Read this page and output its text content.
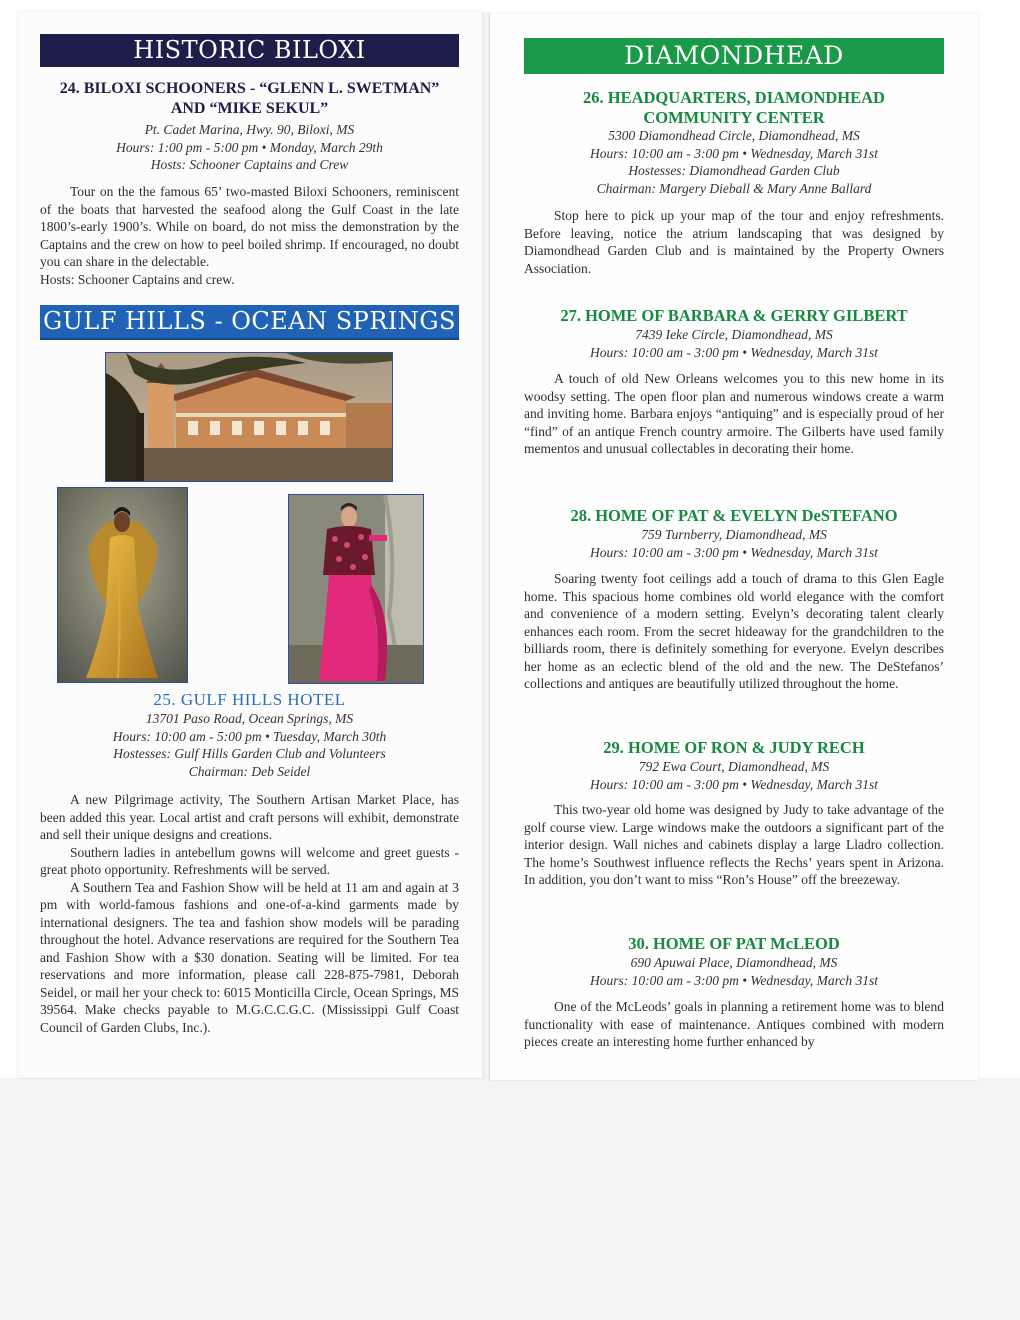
HISTORIC BILOXI
24. BILOXI SCHOONERS - “GLENN L. SWETMAN”
AND “MIKE SEKUL”
Pt. Cadet Marina, Hwy. 90, Biloxi, MS
Hours: 1:00 pm - 5:00 pm • Monday, March 29th
Hosts: Schooner Captains and Crew

Tour on the the famous 65’ two-masted Biloxi Schooners, reminiscent of the boats that harvested the seafood along the Gulf Coast in the late 1800’s-early 1900’s. While on board, do not miss the demonstration by the Captains and the crew on how to peel boiled shrimp. If encouraged, no doubt you can share in the delectable.

Hosts: Schooner Captains and crew.

GULF HILLS - OCEAN SPRINGS
25. GULF HILLS HOTEL
13701 Paso Road, Ocean Springs, MS
Hours: 10:00 am - 5:00 pm • Tuesday, March 30th
Hostesses: Gulf Hills Garden Club and Volunteers
Chairman: Deb Seidel

A new Pilgrimage activity, The Southern Artisan Market Place, has been added this year. Local artist and craft persons will exhibit, demonstrate and sell their unique designs and creations.

Southern ladies in antebellum gowns will welcome and greet guests - great photo opportunity. Refreshments will be served.

A Southern Tea and Fashion Show will be held at 11 am and again at 3 pm with world-famous fashions and one-of-a-kind garments made by international designers. The tea and fashion show models will be parading throughout the hotel. Advance reservations are required for the Southern Tea and Fashion Show with a $30 donation. Seating will be limited. For tea reservations and more information, please call 228-875-7981, Deborah Seidel, or mail her your check to: 6015 Monticilla Circle, Ocean Springs, MS 39564. Make checks payable to M.G.C.C.G.C. (Mississippi Gulf Coast Council of Garden Clubs, Inc.).

DIAMONDHEAD
26. HEADQUARTERS, DIAMONDHEAD
COMMUNITY CENTER
5300 Diamondhead Circle, Diamondhead, MS
Hours: 10:00 am - 3:00 pm • Wednesday, March 31st
Hostesses: Diamondhead Garden Club
Chairman: Margery Dieball & Mary Anne Ballard

Stop here to pick up your map of the tour and enjoy refreshments. Before leaving, notice the atrium landscaping that was designed by Diamondhead Garden Club and is maintained by the Property Owners Association.

27. HOME OF BARBARA & GERRY GILBERT
7439 Ieke Circle, Diamondhead, MS
Hours: 10:00 am - 3:00 pm • Wednesday, March 31st

A touch of old New Orleans welcomes you to this new home in its woodsy setting. The open floor plan and numerous windows create a warm and inviting home. Barbara enjoys “antiquing” and is especially proud of her “find” of an antique French country armoire. The Gilberts have used family mementos and unusual collectables in decorating their home.

28. HOME OF PAT & EVELYN DeSTEFANO
759 Turnberry, Diamondhead, MS
Hours: 10:00 am - 3:00 pm • Wednesday, March 31st

Soaring twenty foot ceilings add a touch of drama to this Glen Eagle home. This spacious home combines old world elegance with the comfort and convenience of a modern setting. Evelyn’s decorating talent clearly enhances each room. From the secret hideaway for the grandchildren to the billiards room, there is definitely something for everyone. Evelyn describes her home as an eclectic blend of the old and the new. The DeStefanos’ collections and antiques are beautifully utilized throughout the home.

29. HOME OF RON & JUDY RECH
792 Ewa Court, Diamondhead, MS
Hours: 10:00 am - 3:00 pm • Wednesday, March 31st

This two-year old home was designed by Judy to take advantage of the golf course view. Large windows make the outdoors a significant part of the interior design. Wall niches and cabinets display a large Lladro collection. The home’s Southwest influence reflects the Rechs’ years spent in Arizona. In addition, you don’t want to miss “Ron’s House” off the breezeway.

30. HOME OF PAT McLEOD
690 Apuwai Place, Diamondhead, MS
Hours: 10:00 am - 3:00 pm • Wednesday, March 31st

One of the McLeods’ goals in planning a retirement home was to blend functionality with ease of maintenance. Antiques combined with modern pieces create an interesting home further enhanced by
